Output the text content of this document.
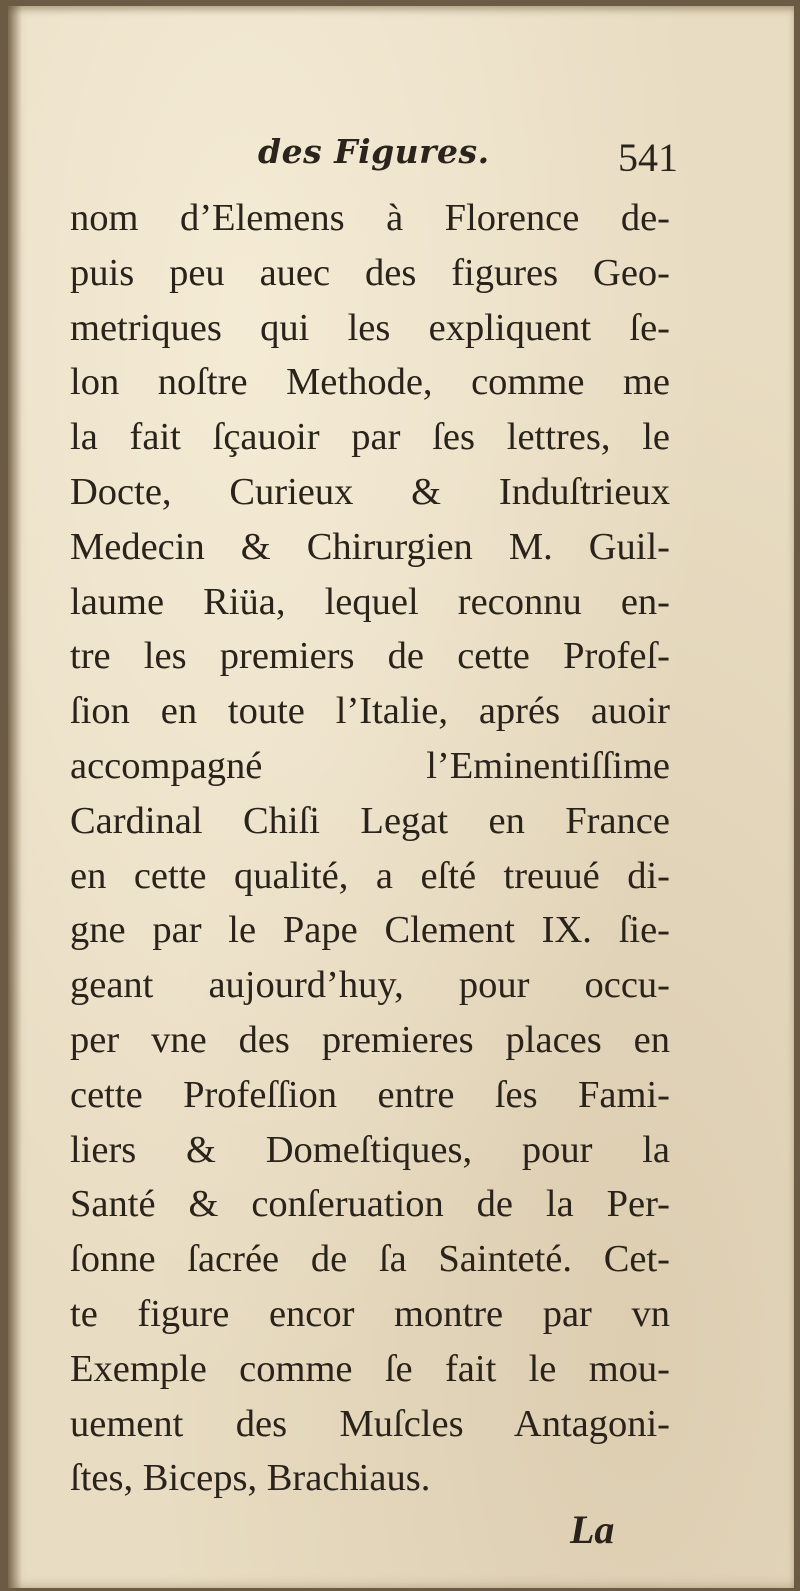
des Figures.	541
nom d’Elemens à Florence de-
puis peu auec des figures Geo-
metriques qui les expliquent ſe-
lon noſtre Methode, comme me
la fait ſçauoir par ſes lettres, le
Docte, Curieux & Induſtrieux
Medecin & Chirurgien M. Guil-
laume Riüa, lequel reconnu en-
tre les premiers de cette Profeſ-
ſion en toute l’Italie, aprés auoir
accompagné l’Eminentiſſime
Cardinal Chiſi Legat en France
en cette qualité, a eſté treuué di-
gne par le Pape Clement IX. ſie-
geant aujourd’huy, pour occu-
per vne des premieres places en
cette Profeſſion entre ſes Fami-
liers & Domeſtiques, pour la
Santé & conſeruation de la Per-
ſonne ſacrée de ſa Sainteté. Cet-
te figure encor montre par vn
Exemple comme ſe fait le mou-
uement des Muſcles Antagoni-
ſtes, Biceps, Brachiaus.
La
